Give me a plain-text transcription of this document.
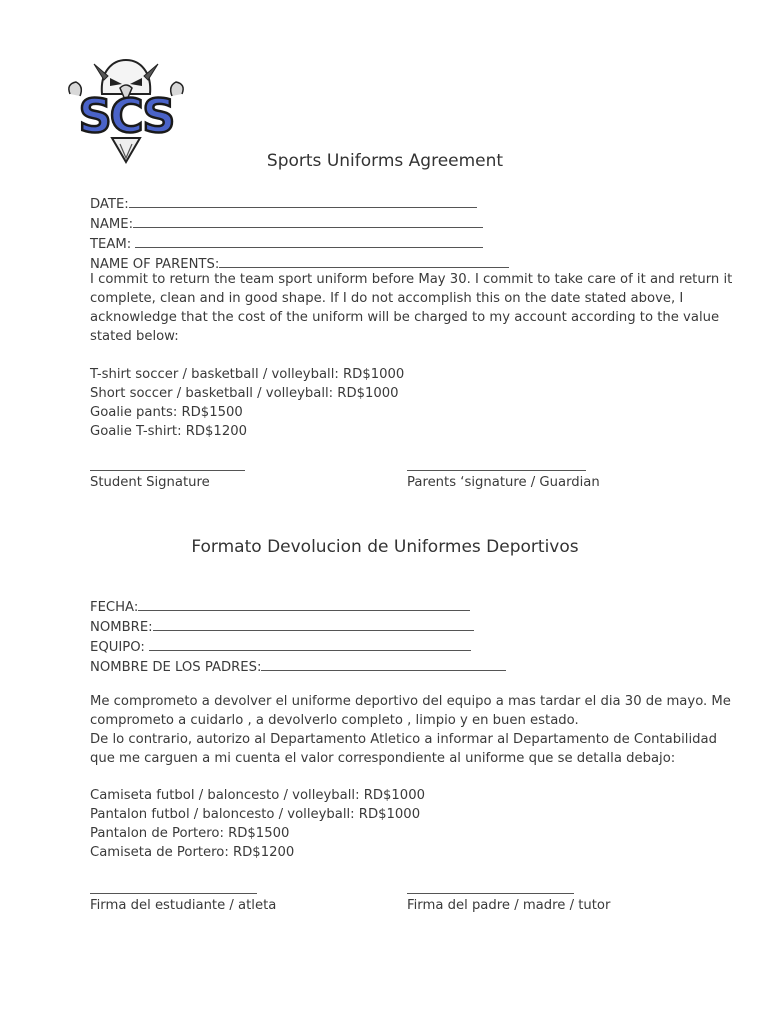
SCS
Sports Uniforms Agreement
DATE:
NAME:
TEAM:
NAME OF PARENTS:
I commit to return the team sport uniform before May 30. I commit to take care of it and return it
complete, clean and in good shape. If I do not accomplish this on the date stated above, I
acknowledge that the cost of the uniform will be charged to my account according to the value
stated below:
T-shirt soccer / basketball / volleyball: RD$1000
Short soccer / basketball / volleyball: RD$1000
Goalie pants: RD$1500
Goalie T-shirt: RD$1200
Student Signature	Parents ‘signature / Guardian
Formato Devolucion de Uniformes Deportivos
FECHA:
NOMBRE:
EQUIPO:
NOMBRE DE LOS PADRES:
Me comprometo a devolver el uniforme deportivo del equipo a mas tardar el dia 30 de mayo. Me
comprometo a cuidarlo , a devolverlo completo , limpio y en buen estado.
De lo contrario, autorizo al Departamento Atletico a informar al Departamento de Contabilidad
que me carguen a mi cuenta el valor correspondiente al uniforme que se detalla debajo:
Camiseta futbol / baloncesto / volleyball: RD$1000
Pantalon futbol / baloncesto / volleyball: RD$1000
Pantalon de Portero: RD$1500
Camiseta de Portero: RD$1200
Firma del estudiante / atleta	Firma del padre / madre / tutor
